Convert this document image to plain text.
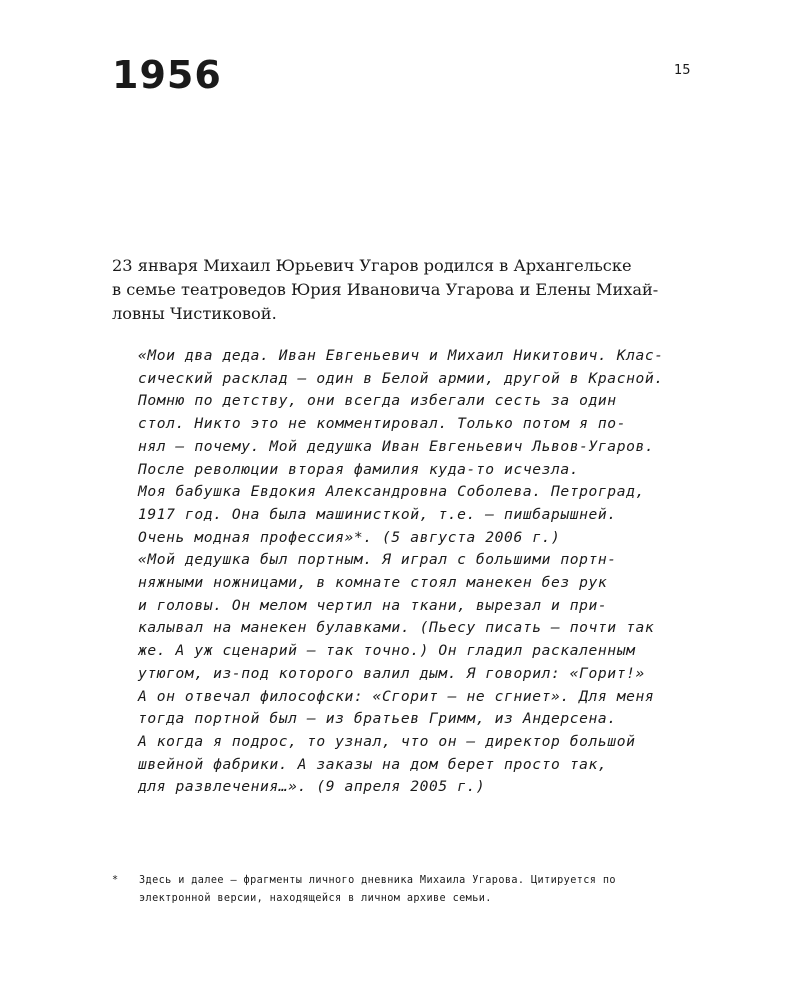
1956	15

23 января Михаил Юрьевич Угаров родился в Архангельске
в семье театроведов Юрия Ивановича Угарова и Елены Михай-
ловны Чистиковой.

«Мои два деда. Иван Евгеньевич и Михаил Никитович. Клас-
сический расклад – один в Белой армии, другой в Красной.
Помню по детству, они всегда избегали сесть за один
стол. Никто это не комментировал. Только потом я по-
нял – почему. Мой дедушка Иван Евгеньевич Львов-Угаров.
После революции вторая фамилия куда-то исчезла.
Моя бабушка Евдокия Александровна Соболева. Петроград,
1917 год. Она была машинисткой, т.е. – пишбарышней.
Очень модная профессия»*. (5 августа 2006 г.)
«Мой дедушка был портным. Я играл с большими портн-
няжными ножницами, в комнате стоял манекен без рук
и головы. Он мелом чертил на ткани, вырезал и при-
калывал на манекен булавками. (Пьесу писать – почти так
же. А уж сценарий – так точно.) Он гладил раскаленным
утюгом, из-под которого валил дым. Я говорил: «Горит!»
А он отвечал философски: «Сгорит – не сгниет». Для меня
тогда портной был – из братьев Гримм, из Андерсена.
А когда я подрос, то узнал, что он – директор большой
швейной фабрики. А заказы на дом берет просто так,
для развлечения…». (9 апреля 2005 г.)
* Здесь и далее – фрагменты личного дневника Михаила Угарова. Цитируется по
электронной версии, находящейся в личном архиве семьи.
